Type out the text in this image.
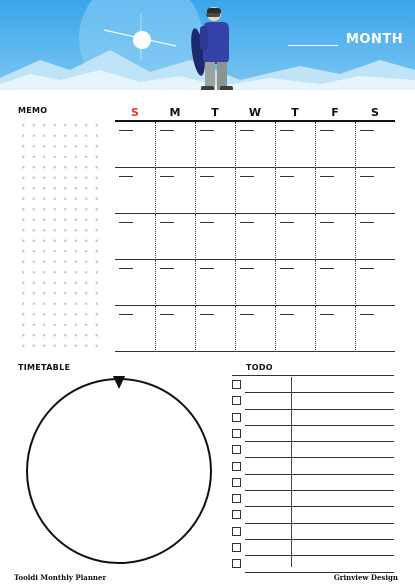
MONTH
MEMO	S	M	T	W	T	F	S
TIMETABLE	TODO
Tooldi Monthly Planner	Grinview Design
